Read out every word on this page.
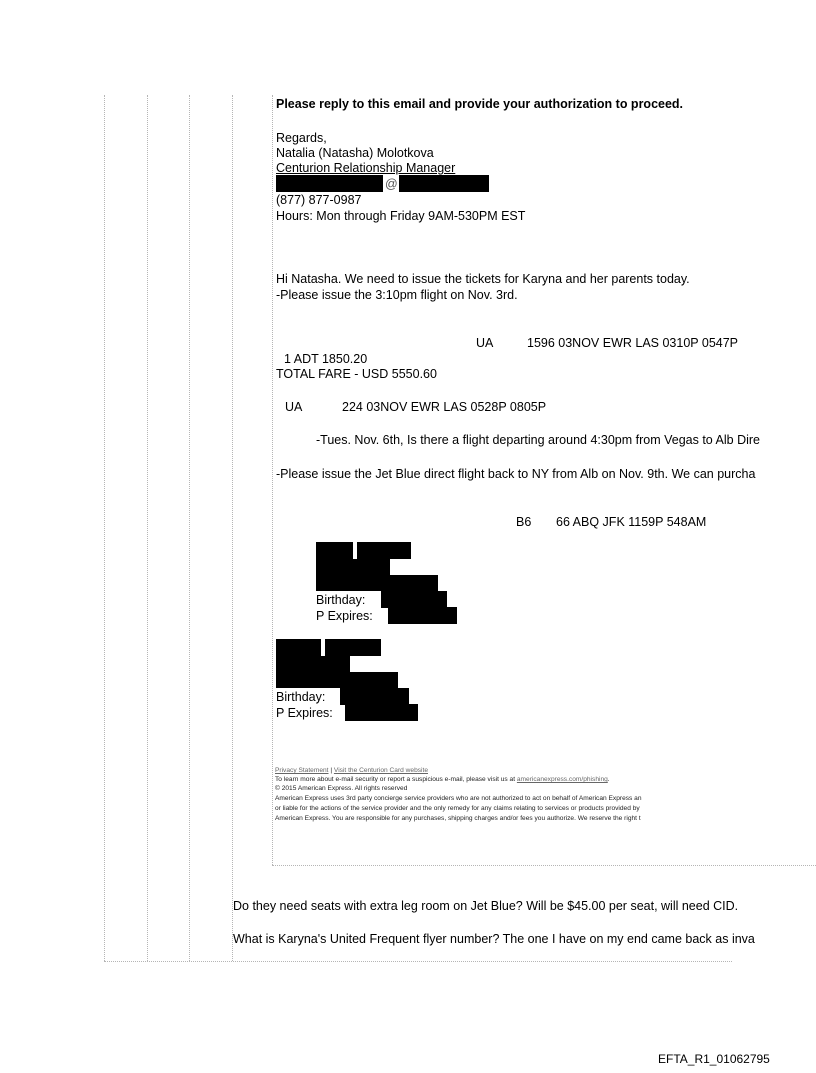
Please reply to this email and provide your authorization to proceed.
Regards,
Natalia (Natasha) Molotkova
Centurion Relationship Manager
@
(877) 877-0987
Hours: Mon through Friday 9AM-530PM EST
Hi Natasha. We need to issue the tickets for Karyna and her parents today.
-Please issue the 3:10pm flight on Nov. 3rd.
UA	1596 03NOV EWR LAS 0310P 0547P
1 ADT 1850.20
TOTAL FARE - USD 5550.60
UA	224 03NOV EWR LAS 0528P 0805P
-Tues. Nov. 6th, Is there a flight departing around 4:30pm from Vegas to Alb Dire
-Please issue the Jet Blue direct flight back to NY from Alb on Nov. 9th. We can purcha
B6 66 ABQ JFK 1159P 548AM
Birthday:
P Expires:
Birthday:
P Expires:
Privacy Statement | Visit the Centurion Card website
To learn more about e-mail security or report a suspicious e-mail, please visit us at americanexpress.com/phishing.
© 2015 American Express. All rights reserved
American Express uses 3rd party concierge service providers who are not authorized to act on behalf of American Express an
or liable for the actions of the service provider and the only remedy for any claims relating to services or products provided by
American Express. You are responsible for any purchases, shipping charges and/or fees you authorize. We reserve the right t
Do they need seats with extra leg room on Jet Blue? Will be $45.00 per seat, will need CID.
What is Karyna's United Frequent flyer number? The one I have on my end came back as inva
EFTA_R1_01062795
